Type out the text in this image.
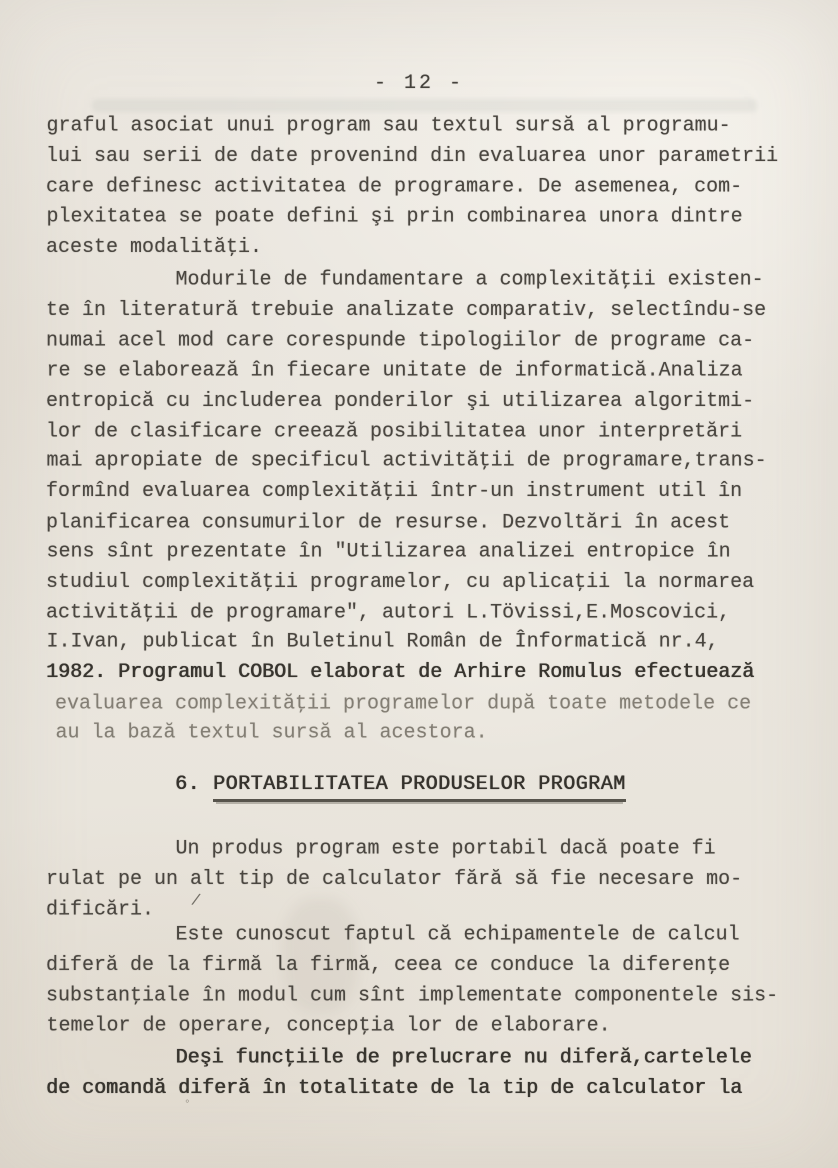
- 12 -
graful asociat unui program sau textul sursă al programu-
lui sau serii de date provenind din evaluarea unor parametrii
care definesc activitatea de programare. De asemenea, com-
plexitatea se poate defini şi prin combinarea unora dintre
aceste modalităţi.
Modurile de fundamentare a complexităţii existen-
te în literatură trebuie analizate comparativ, selectîndu-se
numai acel mod care corespunde tipologiilor de programe ca-
re se elaborează în fiecare unitate de informatică.Analiza
entropică cu includerea ponderilor şi utilizarea algoritmi-
lor de clasificare creează posibilitatea unor interpretări
mai apropiate de specificul activităţii de programare,trans-
formînd evaluarea complexităţii într-un instrument util în
planificarea consumurilor de resurse. Dezvoltări în acest
sens sînt prezentate în "Utilizarea analizei entropice în
studiul complexităţii programelor, cu aplicaţii la normarea
activităţii de programare", autori L.Tövissi,E.Moscovici,
I.Ivan, publicat în Buletinul Român de Înformatică nr.4,
1982. Programul COBOL elaborat de Arhire Romulus efectuează
evaluarea complexităţii programelor după toate metodele ce
au la bază textul sursă al acestora.
6. PORTABILITATEA PRODUSELOR PROGRAM
Un produs program este portabil dacă poate fi
rulat pe un alt tip de calculator fără să fie necesare mo-
dificări.
Este cunoscut faptul că echipamentele de calcul
diferă de la firmă la firmă, ceea ce conduce la diferenţe
substanţiale în modul cum sînt implementate componentele sis-
temelor de operare, concepţia lor de elaborare.
Deşi funcţiile de prelucrare nu diferă,cartelele
de comandă diferă în totalitate de la tip de calculator la
/
°
